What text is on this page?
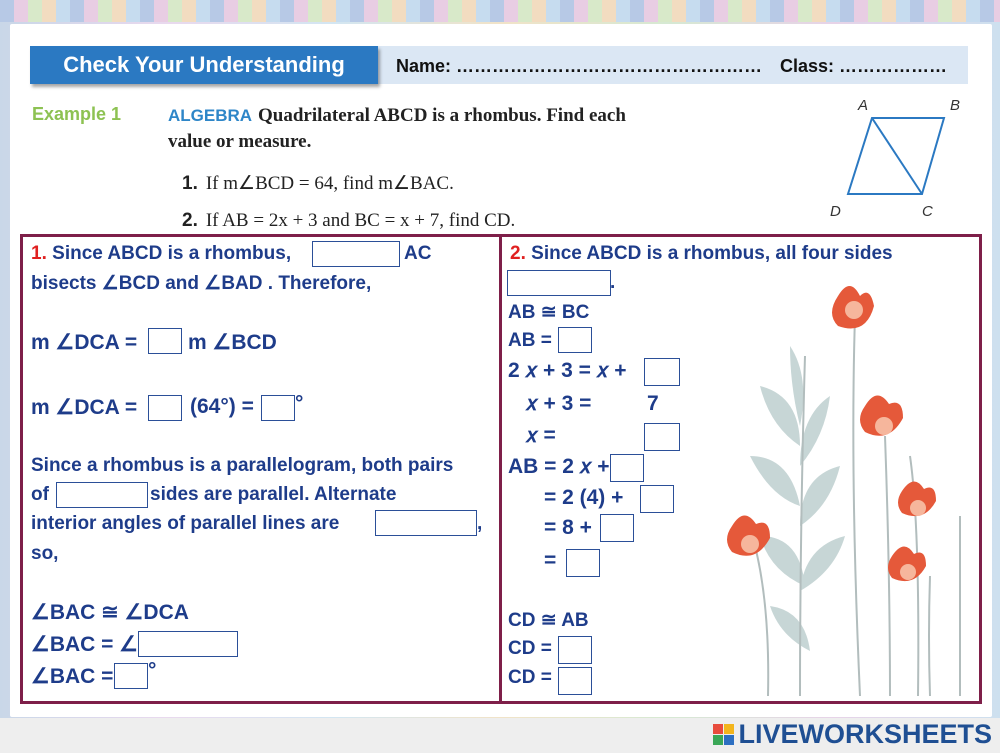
Check Your Understanding	Name: …………………………………………… Class: ………………
Example 1	ALGEBRA Quadrilateral ABCD is a rhombus. Find each
value or measure.
1. If m∠BCD = 64, find m∠BAC.
2. If AB = 2x + 3 and BC = x + 7, find CD.
A	B
C
D
1. Since ABCD is a rhombus,	AC
bisects ∠BCD and ∠BAD . Therefore,
m ∠DCA = m ∠BCD
m ∠DCA =	(64°) = °
Since a rhombus is a parallelogram, both pairs
of	sides are parallel. Alternate
interior angles of parallel lines are	,
so,
∠BAC ≅ ∠DCA
∠BAC = ∠
∠BAC = °
2. Since ABCD is a rhombus, all four sides
.
AB ≅ BC
AB =
2 𝑥 + 3 = 𝑥 +
𝑥 + 3 =	7
𝑥 =
AB = 2 𝑥 +
= 2 (4) +
= 8 +
=
CD ≅ AB
CD =
CD =
LIVEWORKSHEETS
